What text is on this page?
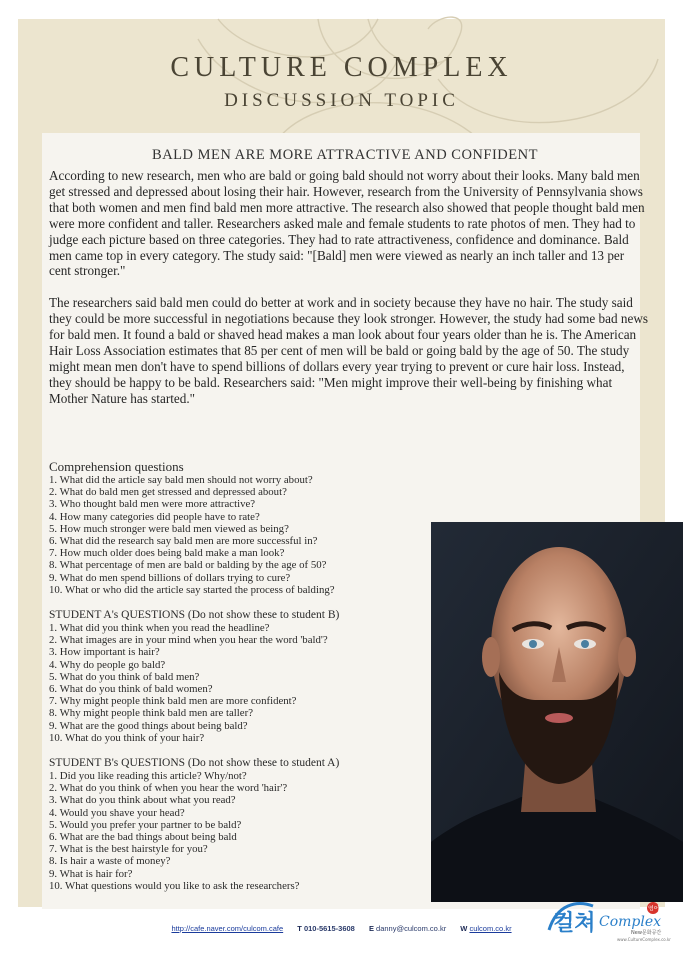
CULTURE COMPLEX
DISCUSSION TOPIC
BALD MEN ARE MORE ATTRACTIVE AND CONFIDENT

According to new research, men who are bald or going bald should not worry about their looks. Many bald men get stressed and depressed about losing their hair. However, research from the University of Pennsylvania shows that both women and men find bald men more attractive. The research also showed that people thought bald men were more confident and taller. Researchers asked male and female students to rate photos of men. They had to judge each picture based on three categories. They had to rate attractiveness, confidence and dominance. Bald men came top in every category. The study said: "[Bald] men were viewed as nearly an inch taller and 13 per cent stronger."

The researchers said bald men could do better at work and in society because they have no hair. The study said they could be more successful in negotiations because they look stronger. However, the study had some bad news for bald men. It found a bald or shaved head makes a man look about four years older than he is. The American Hair Loss Association estimates that 85 per cent of men will be bald or going bald by the age of 50. The study might mean men don't have to spend billions of dollars every year trying to prevent or cure hair loss. Instead, they should be happy to be bald. Researchers said: "Men might improve their well-being by finishing what Mother Nature has started."

Comprehension questions
1. What did the article say bald men should not worry about?
2. What do bald men get stressed and depressed about?
3. Who thought bald men were more attractive?
4. How many categories did people have to rate?
5. How much stronger were bald men viewed as being?
6. What did the research say bald men are more successful in?
7. How much older does being bald make a man look?
8. What percentage of men are bald or balding by the age of 50?
9. What do men spend billions of dollars trying to cure?
10. What or who did the article say started the process of balding?
STUDENT A's QUESTIONS (Do not show these to student B)
1. What did you think when you read the headline?
2. What images are in your mind when you hear the word 'bald'?
3. How important is hair?
4. Why do people go bald?
5. What do you think of bald men?
6. What do you think of bald women?
7. Why might people think bald men are more confident?
8. Why might people think bald men are taller?
9. What are the good things about being bald?
10. What do you think of your hair?
STUDENT B's QUESTIONS (Do not show these to student A)
1. Did you like reading this article? Why/not?
2. What do you think of when you hear the word 'hair'?
3. What do you think about what you read?
4. Would you shave your head?
5. Would you prefer your partner to be bald?
6. What are the bad things about being bald
7. What is the best hairstyle for you?
8. Is hair a waste of money?
9. What is hair for?
10. What questions would you like to ask the researchers?
http://cafe.naver.com/culcom.cafe T 010-5615-3608 E danny@culcom.co.kr W culcom.co.kr	컬쳐 Complex
영어
New문화공간
www.CultureComplex.co.kr
